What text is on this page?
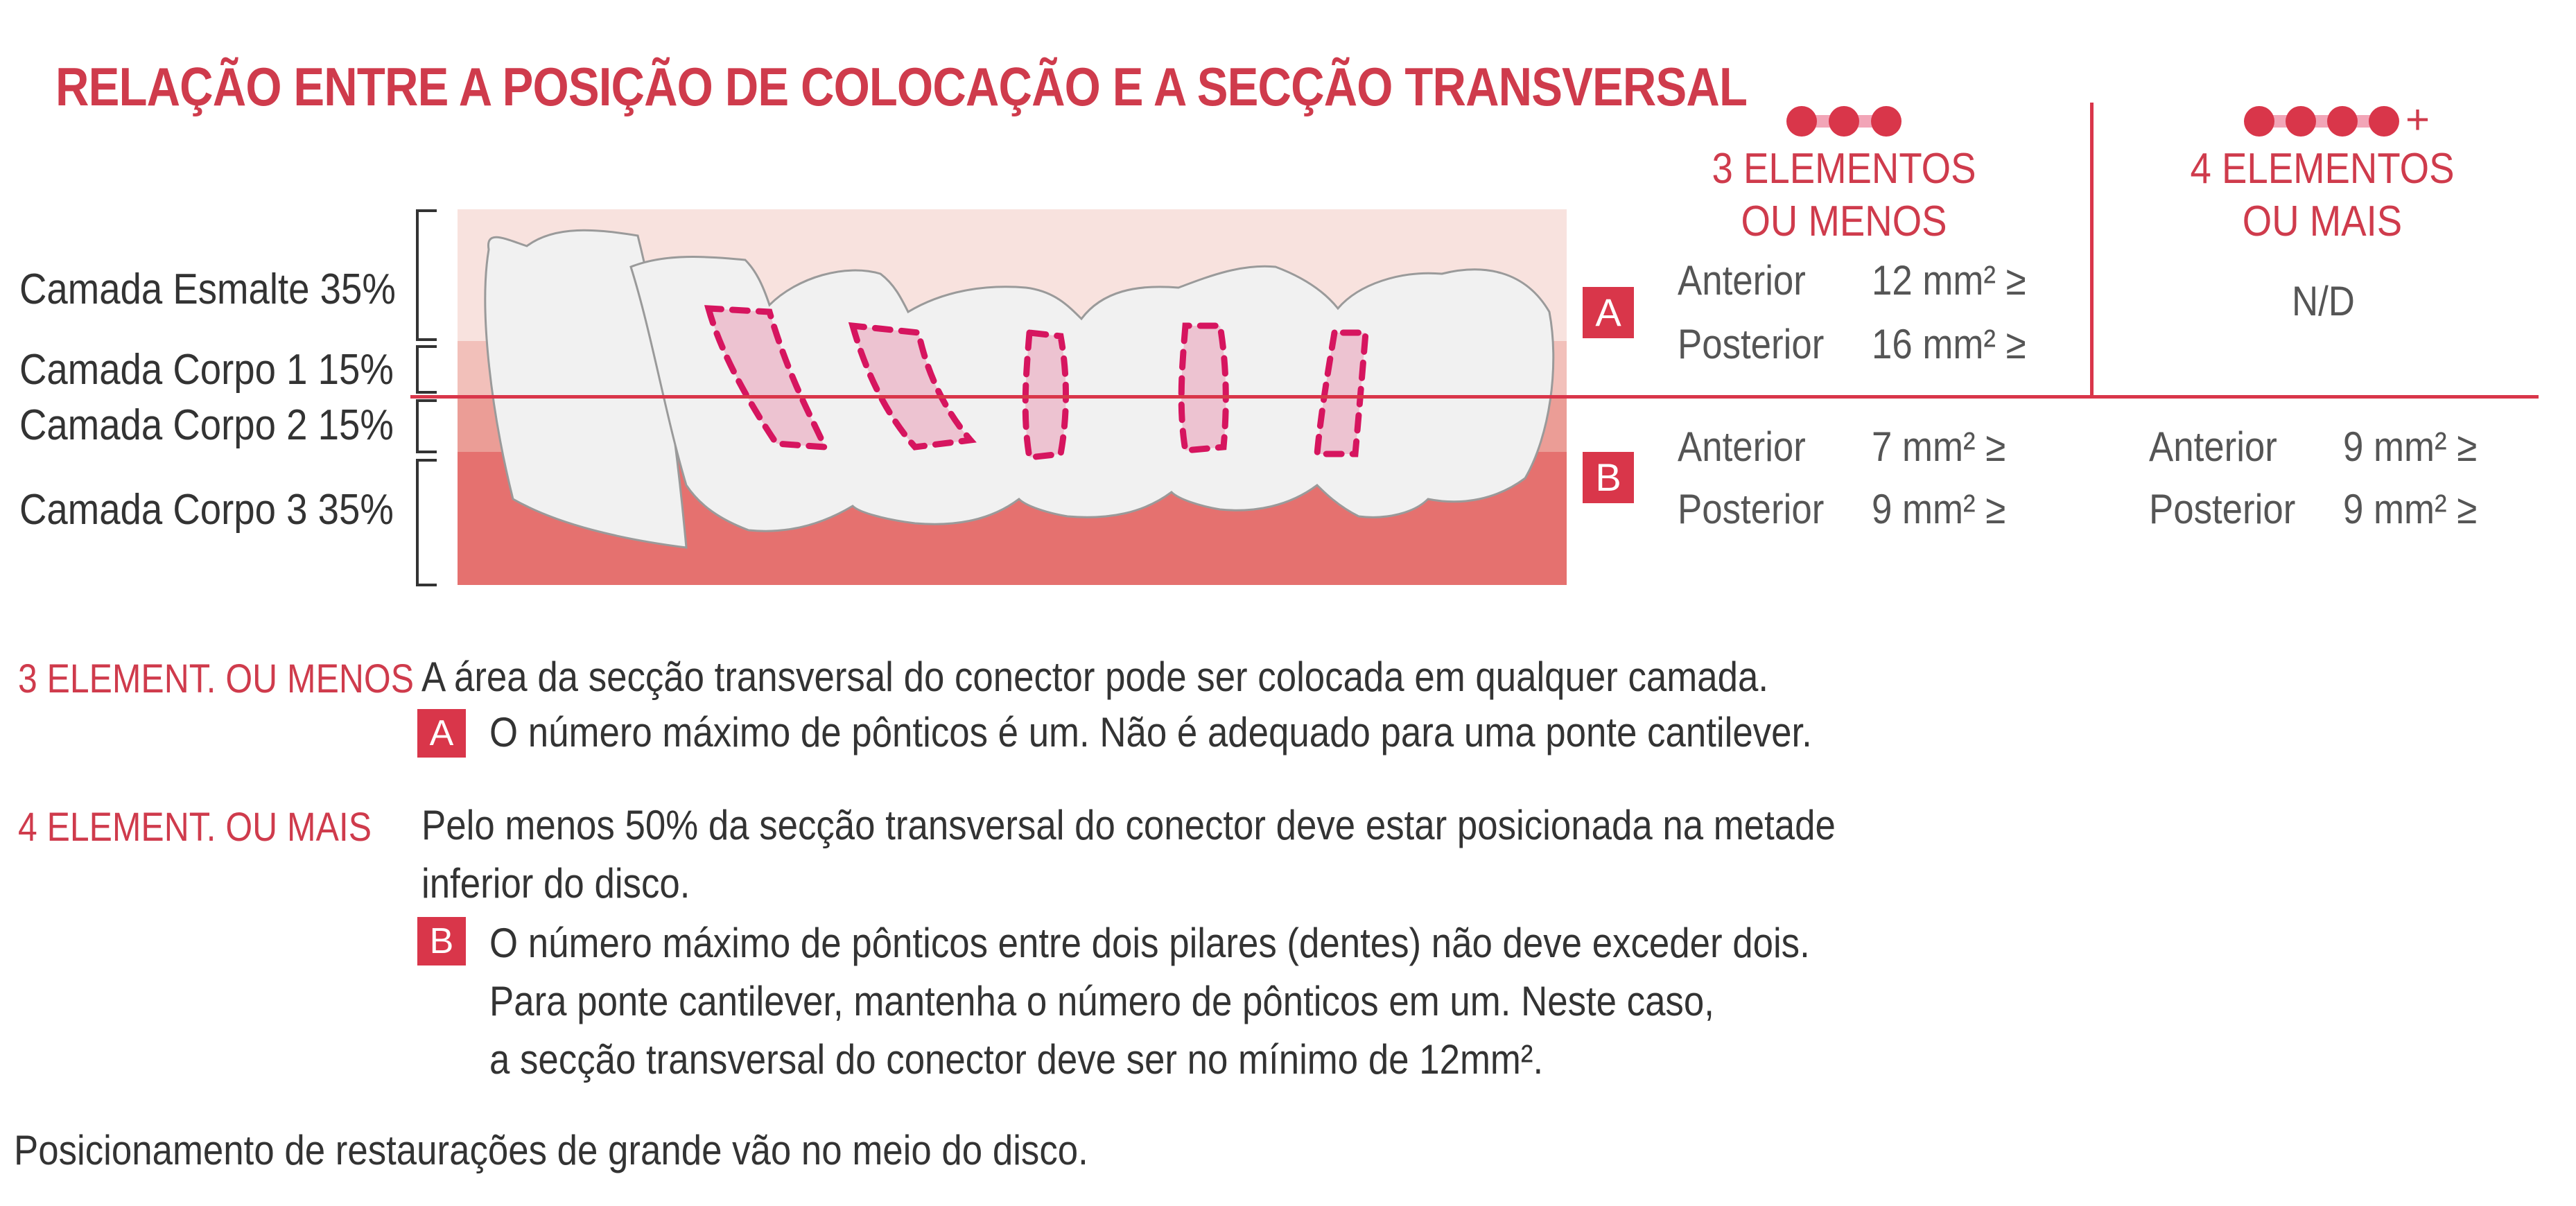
RELAÇÃO ENTRE A POSIÇÃO DE COLOCAÇÃO E A SECÇÃO TRANSVERSAL
Camada Esmalte 35%
Camada Corpo 1 15%
Camada Corpo 2 15%
Camada Corpo 3 35%
A
B
+
3 ELEMENTOS
OU MENOS
4 ELEMENTOS
OU MAIS
Anterior 12 mm² ≥
Posterior 16 mm² ≥
N/D
Anterior 7 mm² ≥
Posterior 9 mm² ≥
Anterior 9 mm² ≥
Posterior 9 mm² ≥
3 ELEMENT. OU MENOS A área da secção transversal do conector pode ser colocada em qualquer camada.
A O número máximo de pônticos é um. Não é adequado para uma ponte cantilever.
4 ELEMENT. OU MAIS Pelo menos 50% da secção transversal do conector deve estar posicionada na metade
inferior do disco.
B O número máximo de pônticos entre dois pilares (dentes) não deve exceder dois.
Para ponte cantilever, mantenha o número de pônticos em um. Neste caso,
a secção transversal do conector deve ser no mínimo de 12mm².
Posicionamento de restaurações de grande vão no meio do disco.
